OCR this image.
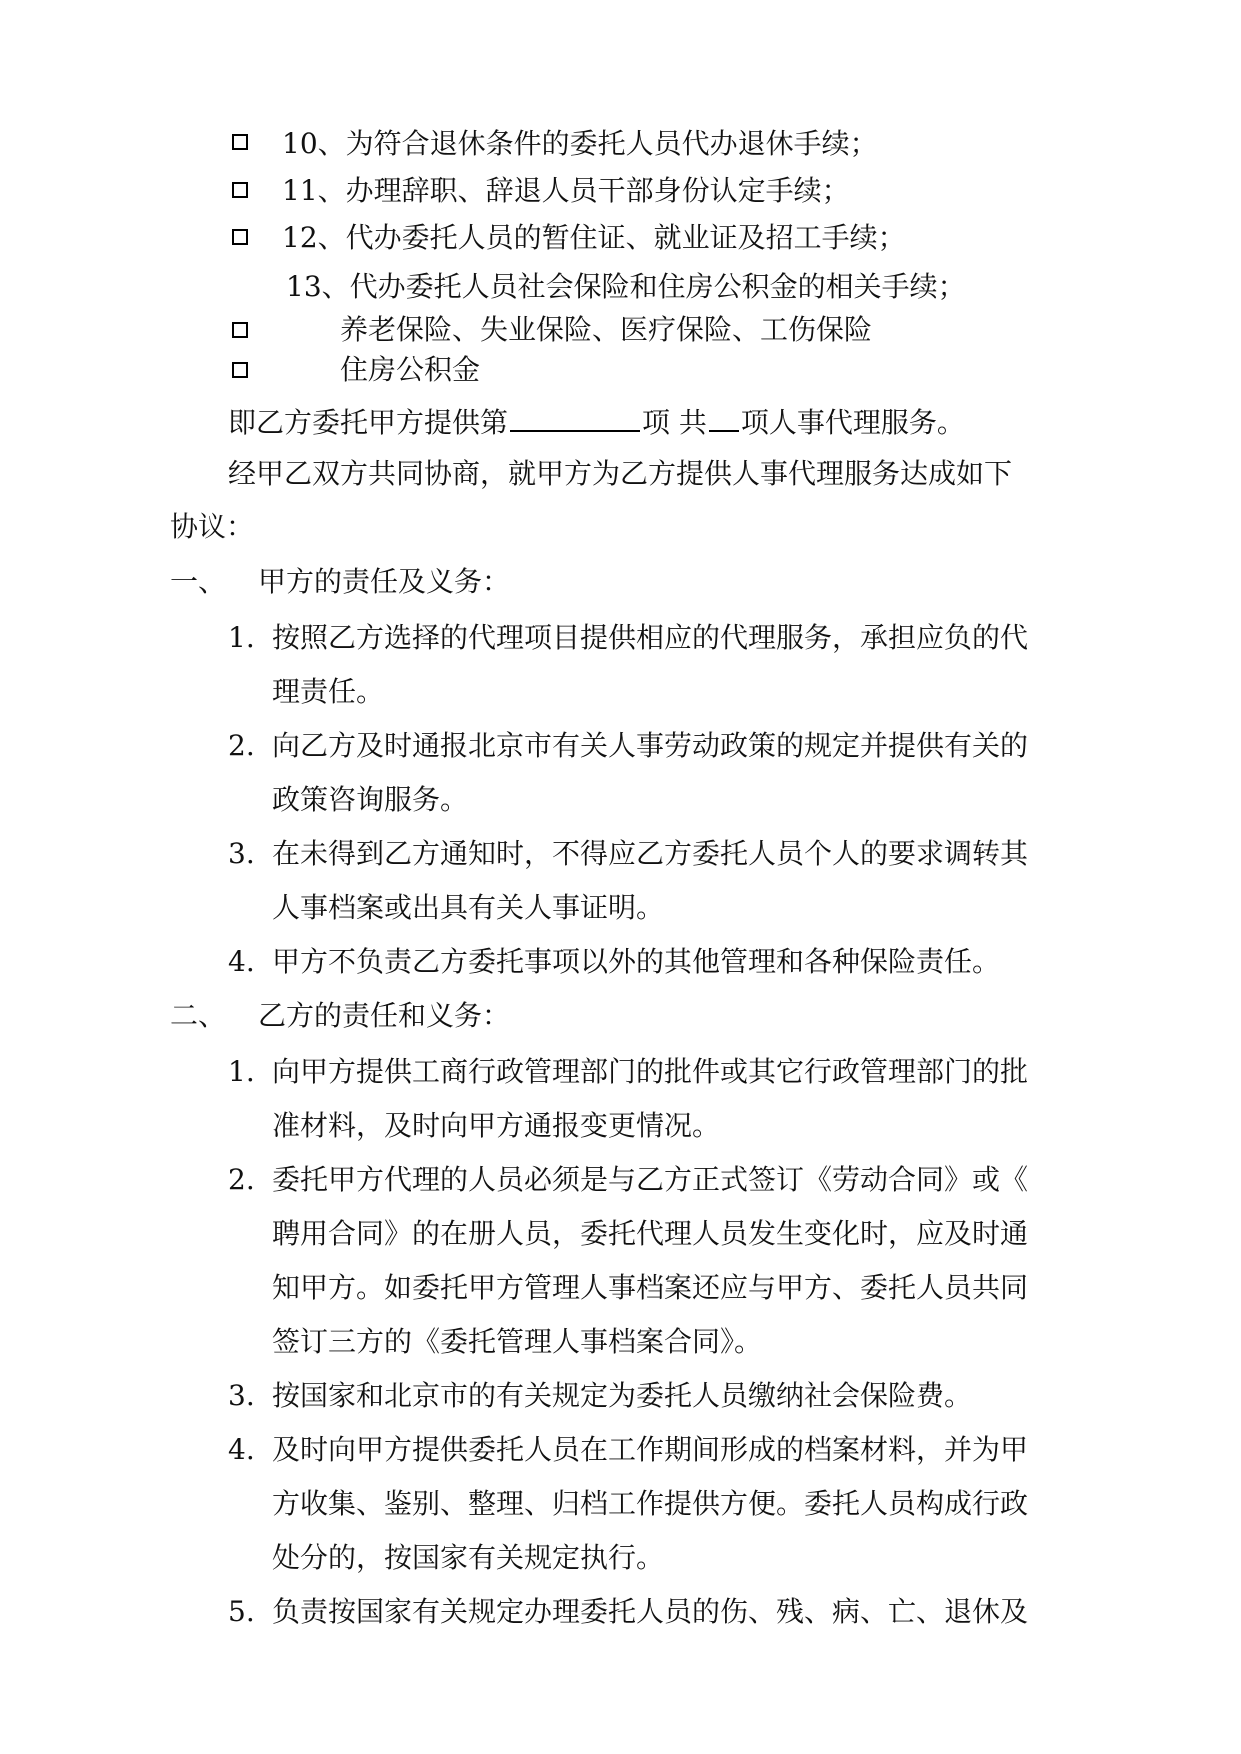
10、为符合退休条件的委托人员代办退休手续；
11、办理辞职、辞退人员干部身份认定手续；
12、代办委托人员的暂住证、就业证及招工手续；
13、代办委托人员社会保险和住房公积金的相关手续；
养老保险、失业保险、医疗保险、工伤保险
住房公积金
即乙方委托甲方提供第	项 共 项人事代理服务。
经甲乙双方共同协商，就甲方为乙方提供人事代理服务达成如下
协议：
一、 甲方的责任及义务：
1. 按照乙方选择的代理项目提供相应的代理服务，承担应负的代
理责任。
2. 向乙方及时通报北京市有关人事劳动政策的规定并提供有关的
政策咨询服务。
3. 在未得到乙方通知时，不得应乙方委托人员个人的要求调转其
人事档案或出具有关人事证明。
4. 甲方不负责乙方委托事项以外的其他管理和各种保险责任。
二、 乙方的责任和义务：
1. 向甲方提供工商行政管理部门的批件或其它行政管理部门的批
准材料，及时向甲方通报变更情况。
2. 委托甲方代理的人员必须是与乙方正式签订《劳动合同》或《
聘用合同》的在册人员，委托代理人员发生变化时，应及时通
知甲方。如委托甲方管理人事档案还应与甲方、委托人员共同
签订三方的《委托管理人事档案合同》。
3. 按国家和北京市的有关规定为委托人员缴纳社会保险费。
4. 及时向甲方提供委托人员在工作期间形成的档案材料，并为甲
方收集、鉴别、整理、归档工作提供方便。委托人员构成行政
处分的，按国家有关规定执行。
5. 负责按国家有关规定办理委托人员的伤、残、病、亡、退休及
